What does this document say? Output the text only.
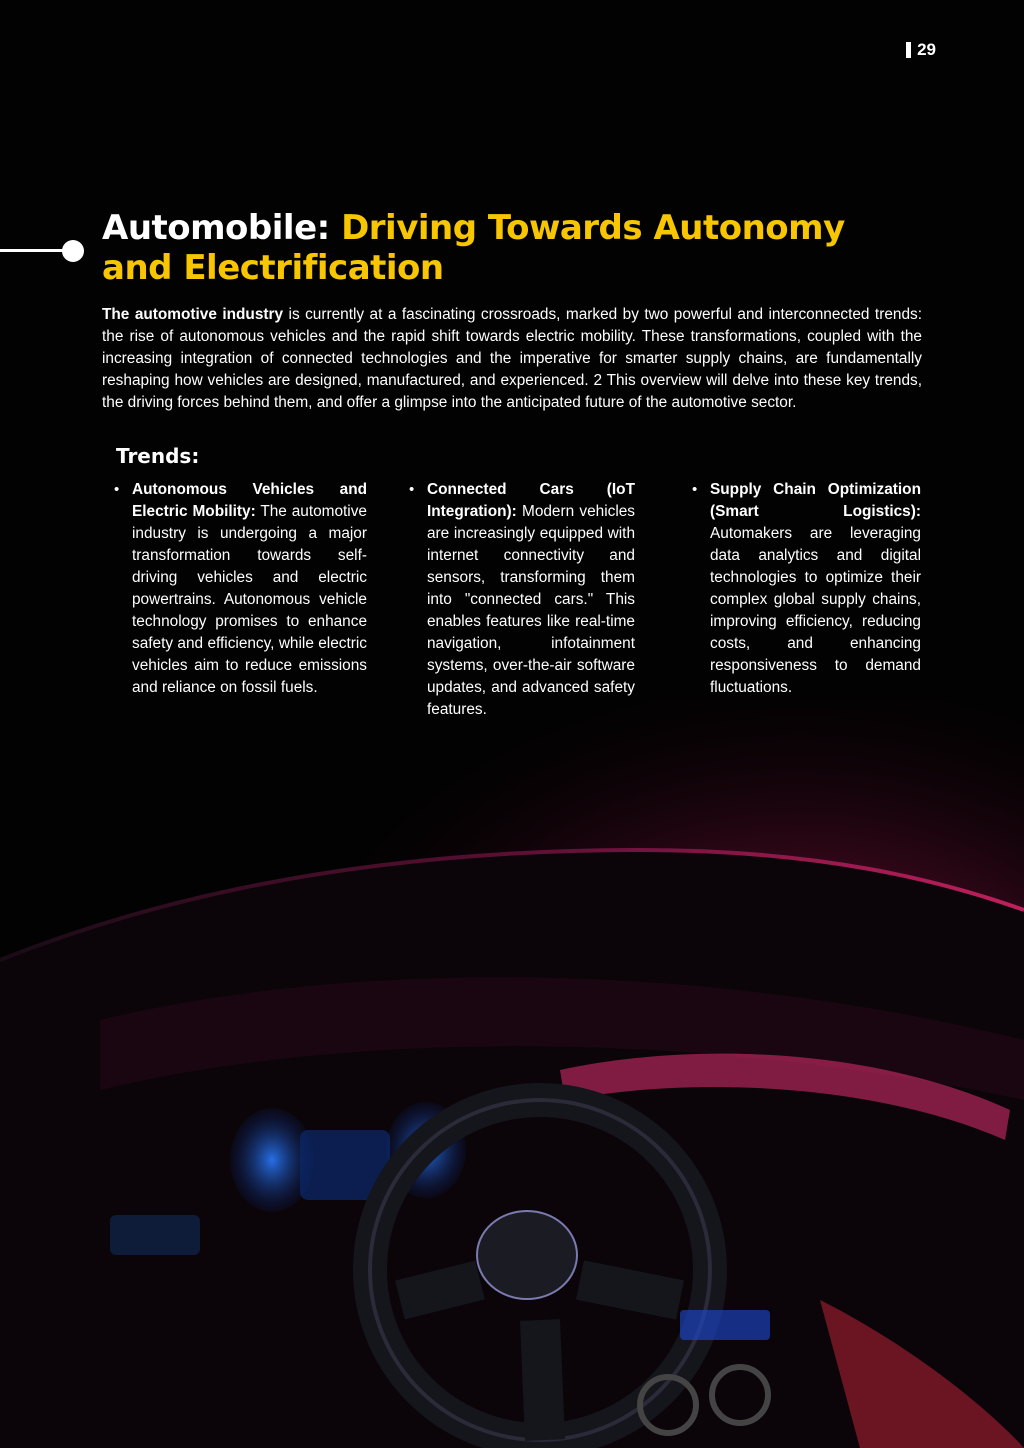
29
Automobile: Driving Towards Autonomy and Electrification

The automotive industry is currently at a fascinating crossroads, marked by two powerful and interconnected trends: the rise of autonomous vehicles and the rapid shift towards electric mobility. These transformations, coupled with the increasing integration of connected technologies and the imperative for smarter supply chains, are fundamentally reshaping how vehicles are designed, manufactured, and experienced. 2 This overview will delve into these key trends, the driving forces behind them, and offer a glimpse into the anticipated future of the automotive sector.

Trends:
• Autonomous Vehicles and Electric Mobility: The automotive industry is undergoing a major transformation towards self-driving vehicles and electric powertrains. Autonomous vehicle technology promises to enhance safety and efficiency, while electric vehicles aim to reduce emissions and reliance on fossil fuels.
• Connected Cars (IoT Integration): Modern vehicles are increasingly equipped with internet connectivity and sensors, transforming them into "connected cars." This enables features like real-time navigation, infotainment systems, over-the-air software updates, and advanced safety features.
• Supply Chain Optimization (Smart Logistics): Automakers are leveraging data analytics and digital technologies to optimize their complex global supply chains, improving efficiency, reducing costs, and enhancing responsiveness to demand fluctuations.
